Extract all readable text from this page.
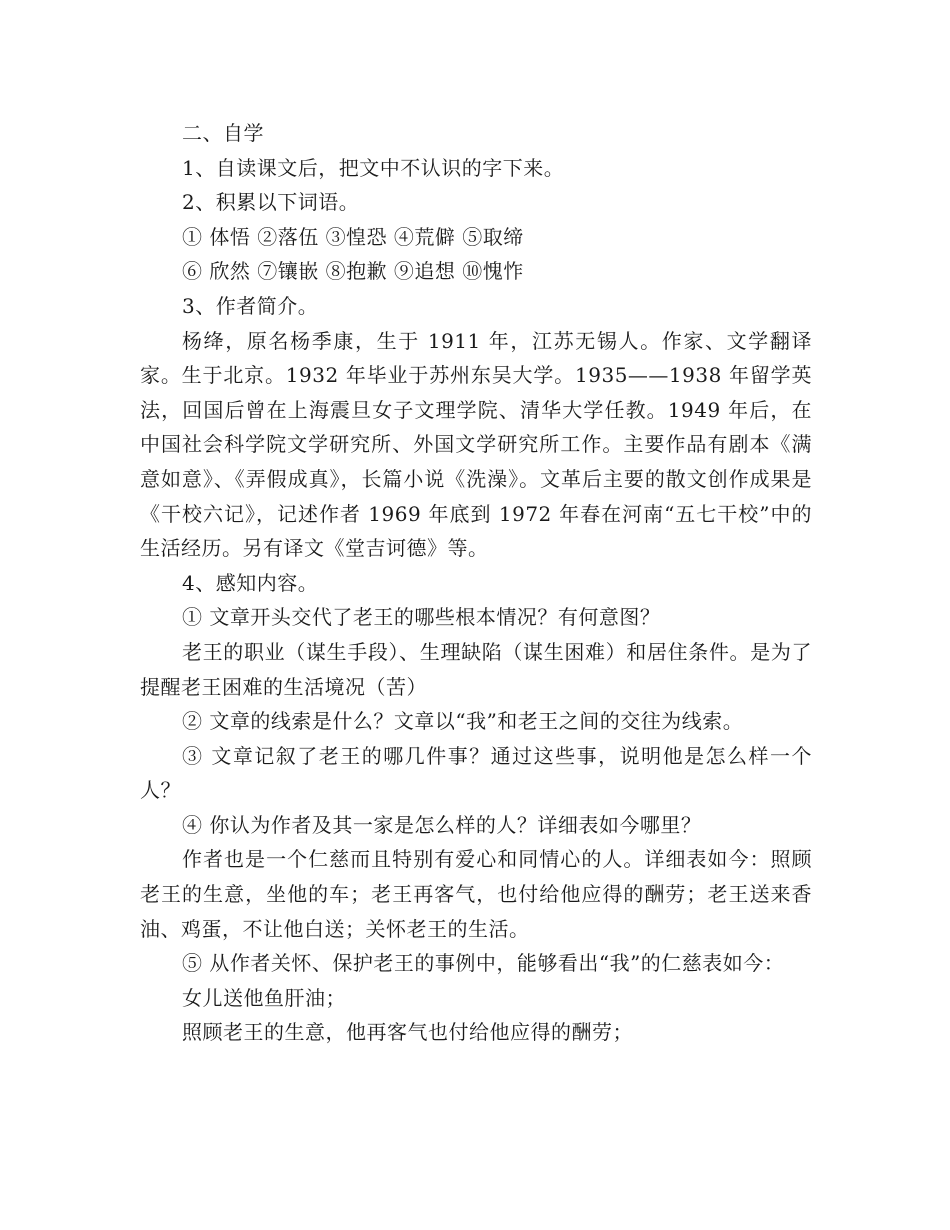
二、自学

1、自读课文后，把文中不认识的字下来。

2、积累以下词语。

① 体悟 ②落伍 ③惶恐 ④荒僻 ⑤取缔

⑥ 欣然 ⑦镶嵌 ⑧抱歉 ⑨追想 ⑩愧怍

3、作者简介。

杨绛，原名杨季康，生于 1911 年，江苏无锡人。作家、文学翻译家。生于北京。1932 年毕业于苏州东吴大学。1935——1938 年留学英法，回国后曾在上海震旦女子文理学院、清华大学任教。1949 年后，在中国社会科学院文学研究所、外国文学研究所工作。主要作品有剧本《满意如意》、《弄假成真》，长篇小说《洗澡》。文革后主要的散文创作成果是《干校六记》，记述作者 1969 年底到 1972 年春在河南“五七干校”中的生活经历。另有译文《堂吉诃德》等。

4、感知内容。

① 文章开头交代了老王的哪些根本情况？有何意图？

老王的职业（谋生手段）、生理缺陷（谋生困难）和居住条件。是为了提醒老王困难的生活境况（苦）

② 文章的线索是什么？文章以“我”和老王之间的交往为线索。

③ 文章记叙了老王的哪几件事？通过这些事，说明他是怎么样一个人？

④ 你认为作者及其一家是怎么样的人？详细表如今哪里？

作者也是一个仁慈而且特别有爱心和同情心的人。详细表如今：照顾老王的生意，坐他的车；老王再客气，也付给他应得的酬劳；老王送来香油、鸡蛋，不让他白送；关怀老王的生活。

⑤ 从作者关怀、保护老王的事例中，能够看出“我”的仁慈表如今：

女儿送他鱼肝油；

照顾老王的生意，他再客气也付给他应得的酬劳；
